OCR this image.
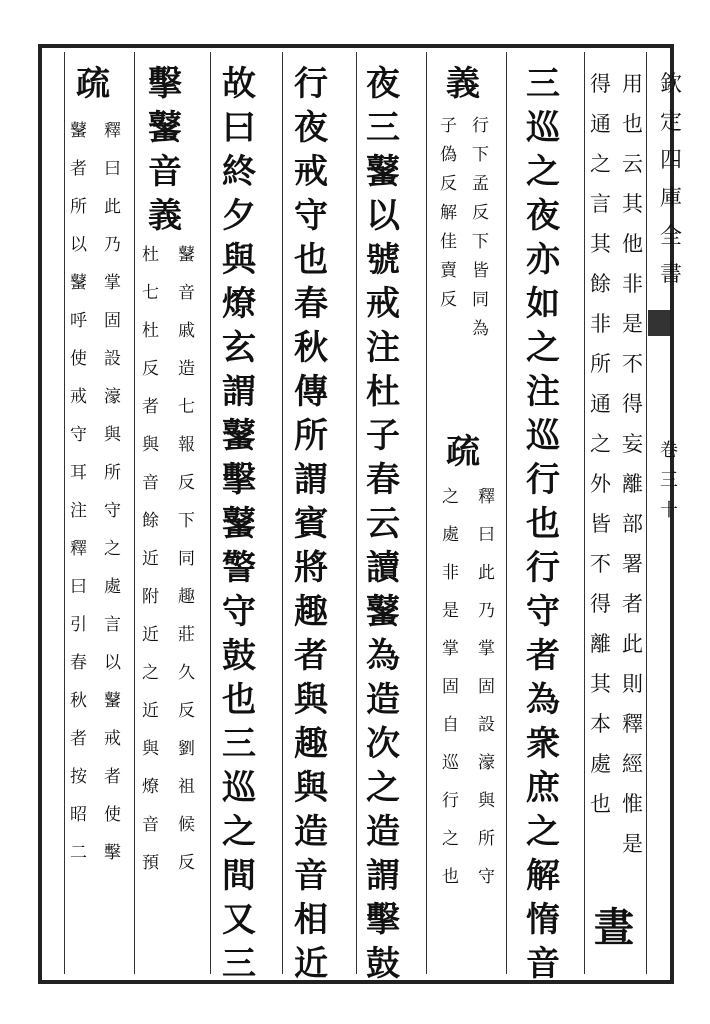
欽
定
四
庫
全
書
卷
三
十
用
也
云
其
他
非
是
不
得
妄
離
部
署
者
此
則
釋
經
惟
是
得
通
之
言
其
餘
非
所
通
之
外
皆
不
得
離
其
本
處
也
晝
三
巡
之
夜
亦
如
之
注
巡
行
也
行
守
者
為
衆
庶
之
解
惰
音
義
行
下
孟
反
下
皆
同
為
子
偽
反
解
佳
賣
反
疏
釋
曰
此
乃
掌
固
設
濠
與
所
守
之
處
非
是
掌
固
自
巡
行
之
也
夜
三
鼜
以
號
戒
注
杜
子
春
云
讀
鼜
為
造
次
之
造
謂
擊
鼓
行
夜
戒
守
也
春
秋
傳
所
謂
賓
將
趣
者
與
趣
與
造
音
相
近
故
曰
終
夕
與
燎
玄
謂
鼜
擊
鼜
警
守
鼓
也
三
巡
之
間
又
三
擊
鼜
音
義
鼜
音
戚
造
七
報
反
下
同
趣
莊
久
反
劉
祖
候
反
杜
七
杜
反
者
與
音
餘
近
附
近
之
近
與
燎
音
預
疏
釋
曰
此
乃
掌
固
設
濠
與
所
守
之
處
言
以
鼜
戒
者
使
擊
鼜
者
所
以
鼜
呼
使
戒
守
耳
注
釋
曰
引
春
秋
者
按
昭
二
